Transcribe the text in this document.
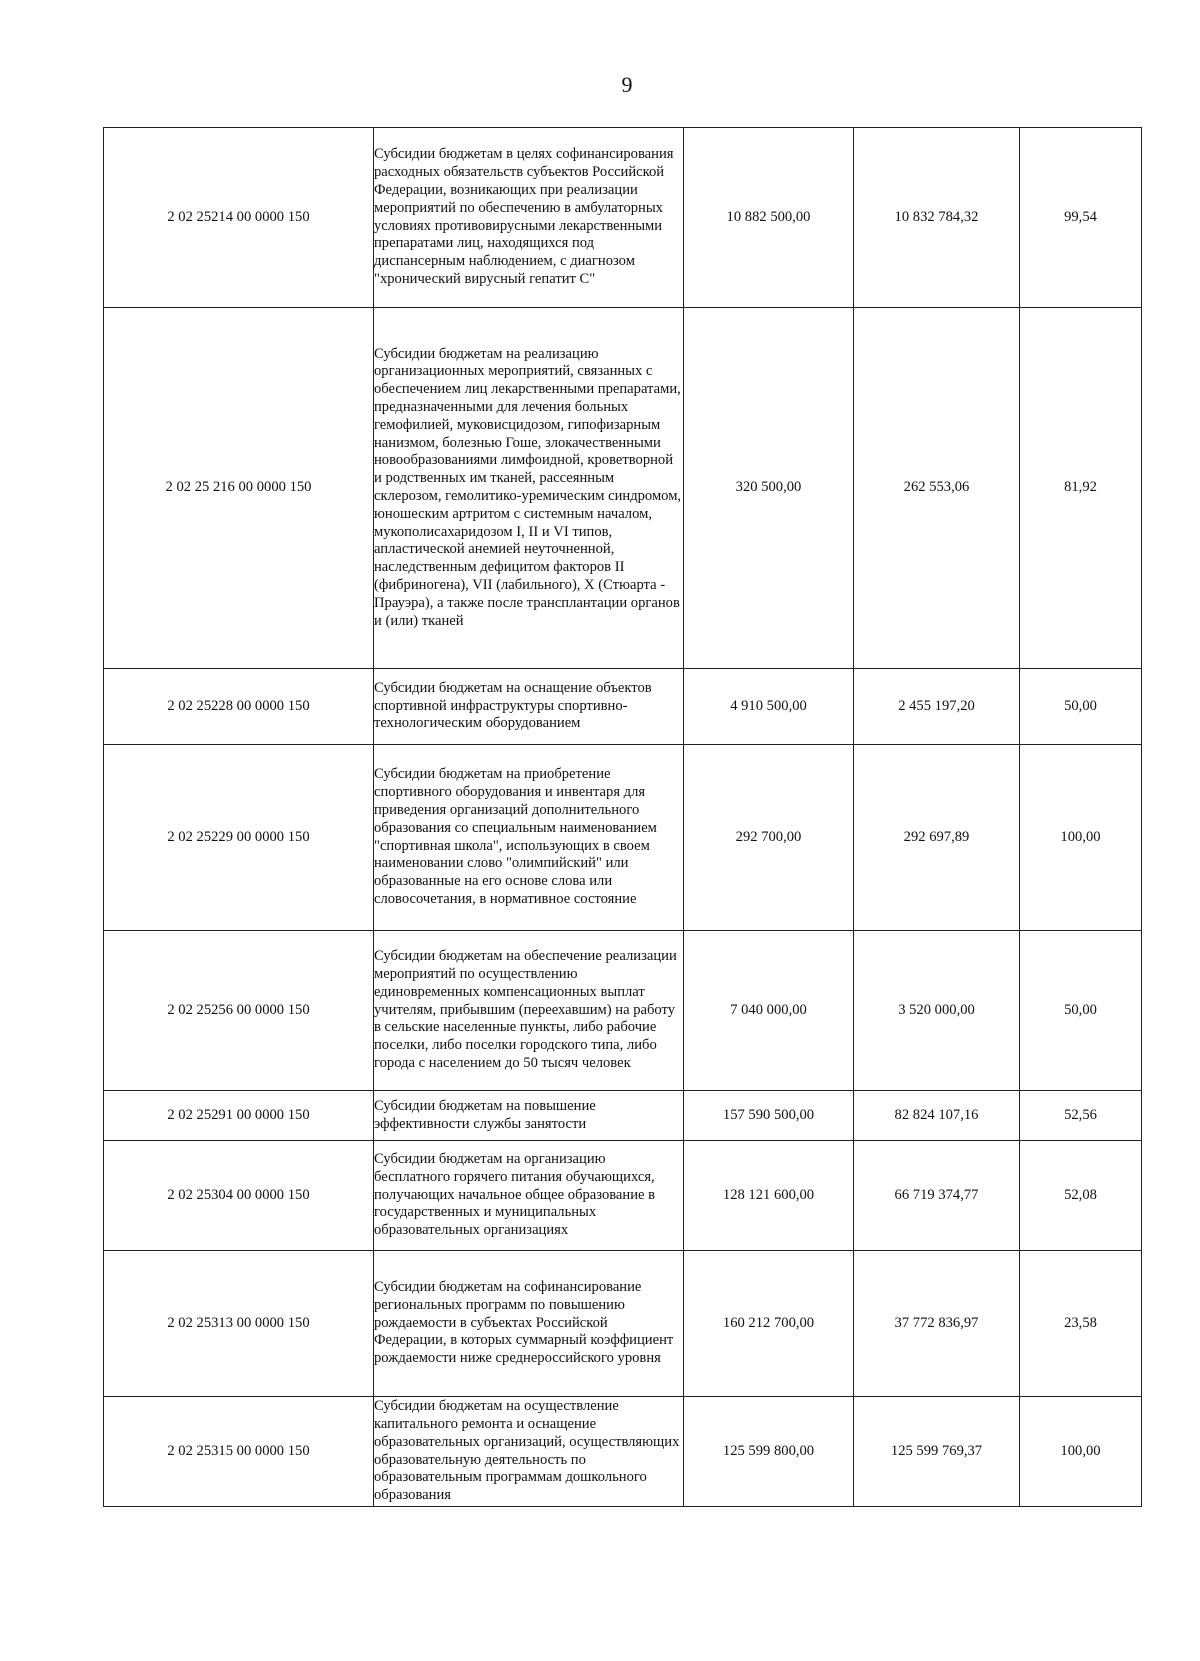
9
2 02 25214 00 0000 150	Субсидии бюджетам в целях софинансирования расходных обязательств субъектов Российской Федерации, возникающих при реализации мероприятий по обеспечению в амбулаторных условиях противовирусными лекарственными препаратами лиц, находящихся под диспансерным наблюдением, с диагнозом "хронический вирусный гепатит C"	10 882 500,00	10 832 784,32	99,54
2 02 25 216 00 0000 150	Субсидии бюджетам на реализацию организационных мероприятий, связанных с обеспечением лиц лекарственными препаратами, предназначенными для лечения больных гемофилией, муковисцидозом, гипофизарным нанизмом, болезнью Гоше, злокачественными новообразованиями лимфоидной, кроветворной и родственных им тканей, рассеянным склерозом, гемолитико-уремическим синдромом, юношеским артритом с системным началом, мукополисахаридозом I, II и VI типов, апластической анемией неуточненной, наследственным дефицитом факторов II (фибриногена), VII (лабильного), X (Стюарта - Прауэра), а также после трансплантации органов и (или) тканей	320 500,00	262 553,06	81,92
2 02 25228 00 0000 150	Субсидии бюджетам на оснащение объектов спортивной инфраструктуры спортивно-технологическим оборудованием	4 910 500,00	2 455 197,20	50,00
2 02 25229 00 0000 150	Субсидии бюджетам на приобретение спортивного оборудования и инвентаря для приведения организаций дополнительного образования со специальным наименованием "спортивная школа", использующих в своем наименовании слово "олимпийский" или образованные на его основе слова или словосочетания, в нормативное состояние	292 700,00	292 697,89	100,00
2 02 25256 00 0000 150	Субсидии бюджетам на обеспечение реализации мероприятий по осуществлению единовременных компенсационных выплат учителям, прибывшим (переехавшим) на работу в сельские населенные пункты, либо рабочие поселки, либо поселки городского типа, либо города с населением до 50 тысяч человек	7 040 000,00	3 520 000,00	50,00
2 02 25291 00 0000 150	Субсидии бюджетам на повышение эффективности службы занятости	157 590 500,00	82 824 107,16	52,56
2 02 25304 00 0000 150	Субсидии бюджетам на организацию бесплатного горячего питания обучающихся, получающих начальное общее образование в государственных и муниципальных образовательных организациях	128 121 600,00	66 719 374,77	52,08
2 02 25313 00 0000 150	Субсидии бюджетам на софинансирование региональных программ по повышению рождаемости в субъектах Российской Федерации, в которых суммарный коэффициент рождаемости ниже среднероссийского уровня	160 212 700,00	37 772 836,97	23,58
2 02 25315 00 0000 150	Субсидии бюджетам на осуществление капитального ремонта и оснащение образовательных организаций, осуществляющих образовательную деятельность по образовательным программам дошкольного образования	125 599 800,00	125 599 769,37	100,00
